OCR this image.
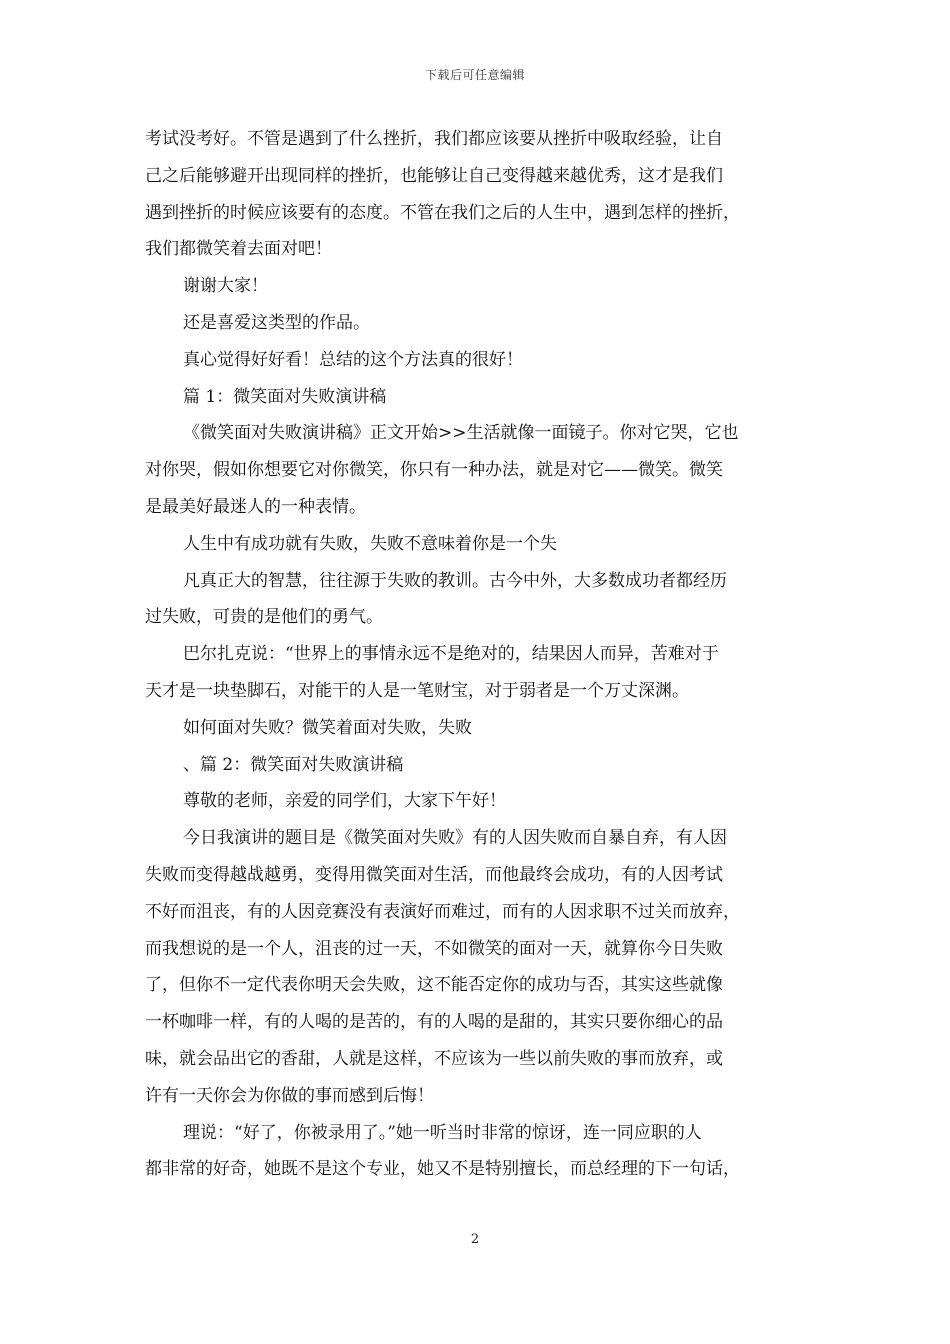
下载后可任意编辑

考试没考好。不管是遇到了什么挫折，我们都应该要从挫折中吸取经验，让自

己之后能够避开出现同样的挫折，也能够让自己变得越来越优秀，这才是我们

遇到挫折的时候应该要有的态度。不管在我们之后的人生中，遇到怎样的挫折，

我们都微笑着去面对吧！

谢谢大家！

还是喜爱这类型的作品。

真心觉得好好看！总结的这个方法真的很好！

篇 1：微笑面对失败演讲稿

《微笑面对失败演讲稿》正文开始>>生活就像一面镜子。你对它哭，它也

对你哭，假如你想要它对你微笑，你只有一种办法，就是对它——微笑。微笑

是最美好最迷人的一种表情。

人生中有成功就有失败，失败不意味着你是一个失

凡真正大的智慧，往往源于失败的教训。古今中外，大多数成功者都经历

过失败，可贵的是他们的勇气。

巴尔扎克说：“世界上的事情永远不是绝对的，结果因人而异，苦难对于

天才是一块垫脚石，对能干的人是一笔财宝，对于弱者是一个万丈深渊。

如何面对失败？微笑着面对失败，失败

、篇 2：微笑面对失败演讲稿

尊敬的老师，亲爱的同学们，大家下午好！

今日我演讲的题目是《微笑面对失败》有的人因失败而自暴自弃，有人因

失败而变得越战越勇，变得用微笑面对生活，而他最终会成功，有的人因考试

不好而沮丧，有的人因竞赛没有表演好而难过，而有的人因求职不过关而放弃，

而我想说的是一个人，沮丧的过一天，不如微笑的面对一天，就算你今日失败

了，但你不一定代表你明天会失败，这不能否定你的成功与否，其实这些就像

一杯咖啡一样，有的人喝的是苦的，有的人喝的是甜的，其实只要你细心的品

味，就会品出它的香甜，人就是这样，不应该为一些以前失败的事而放弃，或

许有一天你会为你做的事而感到后悔！

理说：“好了，你被录用了。”她一听当时非常的惊讶，连一同应职的人

都非常的好奇，她既不是这个专业，她又不是特别擅长，而总经理的下一句话，

2
